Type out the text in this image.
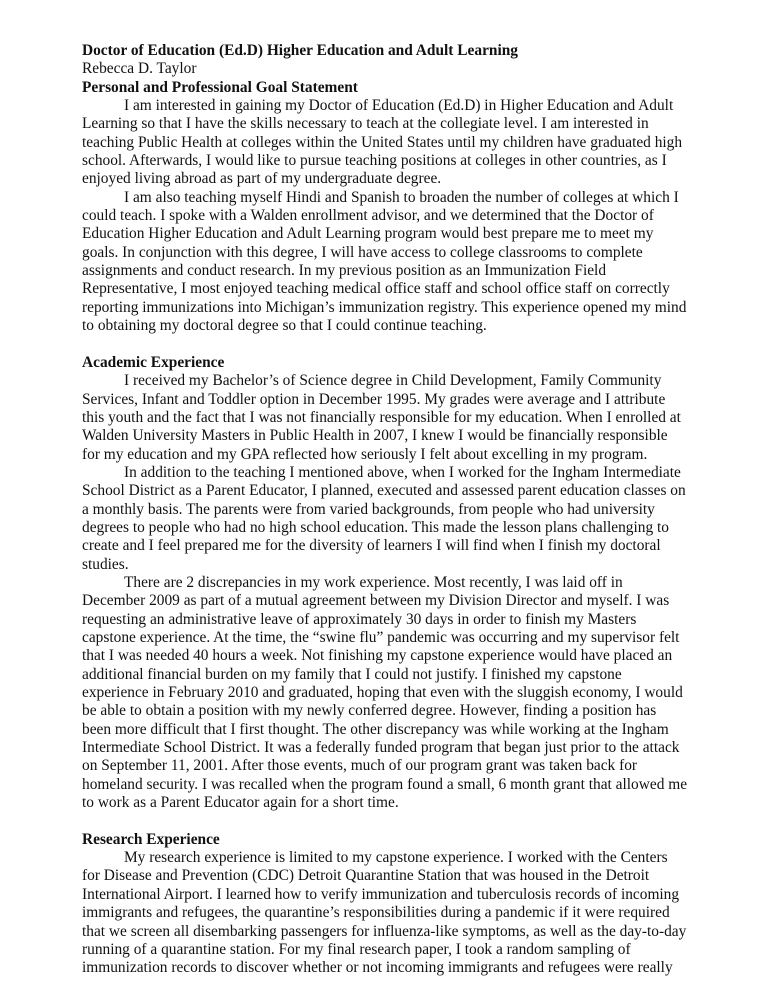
Doctor of Education (Ed.D) Higher Education and Adult Learning

Rebecca D. Taylor

Personal and Professional Goal Statement

I am interested in gaining my Doctor of Education (Ed.D) in Higher Education and Adult Learning so that I have the skills necessary to teach at the collegiate level. I am interested in teaching Public Health at colleges within the United States until my children have graduated high school. Afterwards, I would like to pursue teaching positions at colleges in other countries, as I enjoyed living abroad as part of my undergraduate degree.

I am also teaching myself Hindi and Spanish to broaden the number of colleges at which I could teach. I spoke with a Walden enrollment advisor, and we determined that the Doctor of Education Higher Education and Adult Learning program would best prepare me to meet my goals. In conjunction with this degree, I will have access to college classrooms to complete assignments and conduct research. In my previous position as an Immunization Field Representative, I most enjoyed teaching medical office staff and school office staff on correctly reporting immunizations into Michigan’s immunization registry. This experience opened my mind to obtaining my doctoral degree so that I could continue teaching.

Academic Experience

I received my Bachelor’s of Science degree in Child Development, Family Community Services, Infant and Toddler option in December 1995. My grades were average and I attribute this youth and the fact that I was not financially responsible for my education. When I enrolled at Walden University Masters in Public Health in 2007, I knew I would be financially responsible for my education and my GPA reflected how seriously I felt about excelling in my program.

In addition to the teaching I mentioned above, when I worked for the Ingham Intermediate School District as a Parent Educator, I planned, executed and assessed parent education classes on a monthly basis. The parents were from varied backgrounds, from people who had university degrees to people who had no high school education. This made the lesson plans challenging to create and I feel prepared me for the diversity of learners I will find when I finish my doctoral studies.

There are 2 discrepancies in my work experience. Most recently, I was laid off in December 2009 as part of a mutual agreement between my Division Director and myself. I was requesting an administrative leave of approximately 30 days in order to finish my Masters capstone experience. At the time, the “swine flu” pandemic was occurring and my supervisor felt that I was needed 40 hours a week. Not finishing my capstone experience would have placed an additional financial burden on my family that I could not justify. I finished my capstone experience in February 2010 and graduated, hoping that even with the sluggish economy, I would be able to obtain a position with my newly conferred degree. However, finding a position has been more difficult that I first thought. The other discrepancy was while working at the Ingham Intermediate School District. It was a federally funded program that began just prior to the attack on September 11, 2001. After those events, much of our program grant was taken back for homeland security. I was recalled when the program found a small, 6 month grant that allowed me to work as a Parent Educator again for a short time.

Research Experience

My research experience is limited to my capstone experience. I worked with the Centers for Disease and Prevention (CDC) Detroit Quarantine Station that was housed in the Detroit International Airport. I learned how to verify immunization and tuberculosis records of incoming immigrants and refugees, the quarantine’s responsibilities during a pandemic if it were required that we screen all disembarking passengers for influenza-like symptoms, as well as the day-to-day running of a quarantine station. For my final research paper, I took a random sampling of immunization records to discover whether or not incoming immigrants and refugees were really
